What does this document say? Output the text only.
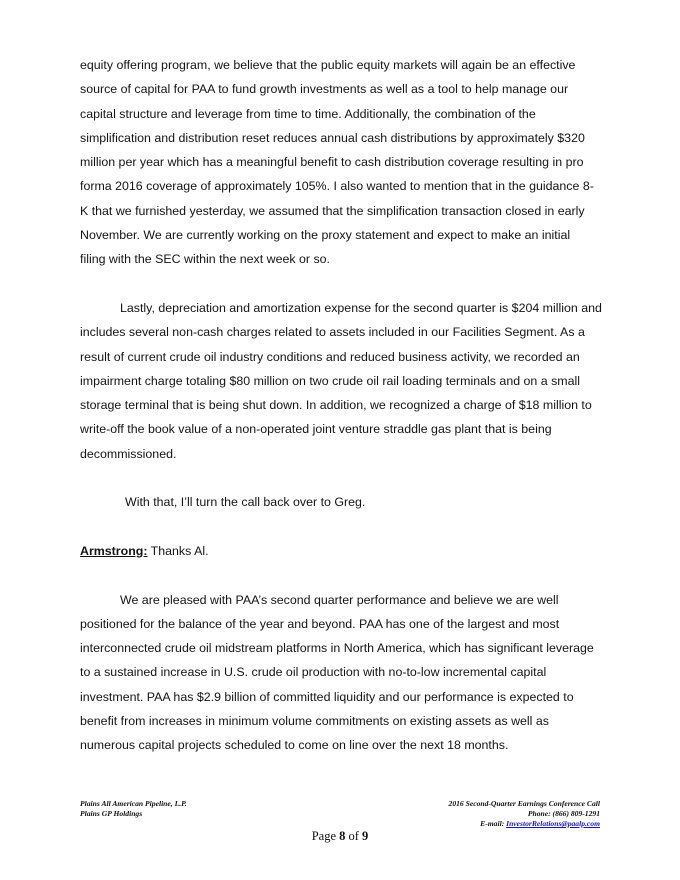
equity offering program, we believe that the public equity markets will again be an effective
source of capital for PAA to fund growth investments as well as a tool to help manage our
capital structure and leverage from time to time. Additionally, the combination of the
simplification and distribution reset reduces annual cash distributions by approximately $320
million per year which has a meaningful benefit to cash distribution coverage resulting in pro
forma 2016 coverage of approximately 105%. I also wanted to mention that in the guidance 8-
K that we furnished yesterday, we assumed that the simplification transaction closed in early
November. We are currently working on the proxy statement and expect to make an initial
filing with the SEC within the next week or so.
Lastly, depreciation and amortization expense for the second quarter is $204 million and
includes several non-cash charges related to assets included in our Facilities Segment. As a
result of current crude oil industry conditions and reduced business activity, we recorded an
impairment charge totaling $80 million on two crude oil rail loading terminals and on a small
storage terminal that is being shut down. In addition, we recognized a charge of $18 million to
write-off the book value of a non-operated joint venture straddle gas plant that is being
decommissioned.
With that, I’ll turn the call back over to Greg.
Armstrong: Thanks Al.
We are pleased with PAA’s second quarter performance and believe we are well
positioned for the balance of the year and beyond. PAA has one of the largest and most
interconnected crude oil midstream platforms in North America, which has significant leverage
to a sustained increase in U.S. crude oil production with no-to-low incremental capital
investment. PAA has $2.9 billion of committed liquidity and our performance is expected to
benefit from increases in minimum volume commitments on existing assets as well as
numerous capital projects scheduled to come on line over the next 18 months.
Plains All American Pipeline, L.P.
Plains GP Holdings
2016 Second-Quarter Earnings Conference Call
Phone: (866) 809-1291
E-mail: InvestorRelations@paalp.com
Page 8 of 9
